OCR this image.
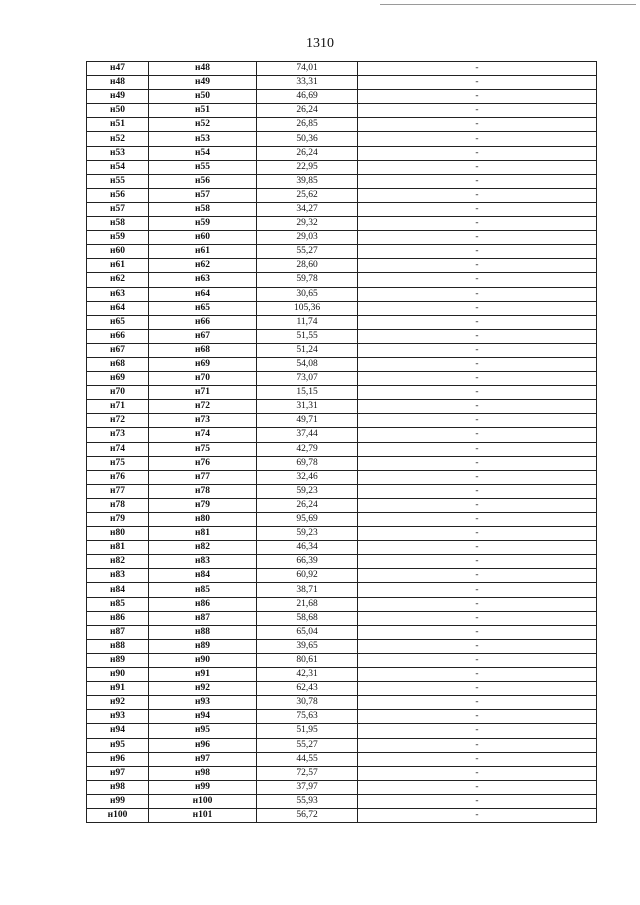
1310
н47	н48	74,01	-
н48	н49	33,31	-
н49	н50	46,69	-
н50	н51	26,24	-
н51	н52	26,85	-
н52	н53	50,36	-
н53	н54	26,24	-
н54	н55	22,95	-
н55	н56	39,85	-
н56	н57	25,62	-
н57	н58	34,27	-
н58	н59	29,32	-
н59	н60	29,03	-
н60	н61	55,27	-
н61	н62	28,60	-
н62	н63	59,78	-
н63	н64	30,65	-
н64	н65	105,36	-
н65	н66	11,74	-
н66	н67	51,55	-
н67	н68	51,24	-
н68	н69	54,08	-
н69	н70	73,07	-
н70	н71	15,15	-
н71	н72	31,31	-
н72	н73	49,71	-
н73	н74	37,44	-
н74	н75	42,79	-
н75	н76	69,78	-
н76	н77	32,46	-
н77	н78	59,23	-
н78	н79	26,24	-
н79	н80	95,69	-
н80	н81	59,23	-
н81	н82	46,34	-
н82	н83	66,39	-
н83	н84	60,92	-
н84	н85	38,71	-
н85	н86	21,68	-
н86	н87	58,68	-
н87	н88	65,04	-
н88	н89	39,65	-
н89	н90	80,61	-
н90	н91	42,31	-
н91	н92	62,43	-
н92	н93	30,78	-
н93	н94	75,63	-
н94	н95	51,95	-
н95	н96	55,27	-
н96	н97	44,55	-
н97	н98	72,57	-
н98	н99	37,97	-
н99	н100	55,93	-
н100	н101	56,72	-
